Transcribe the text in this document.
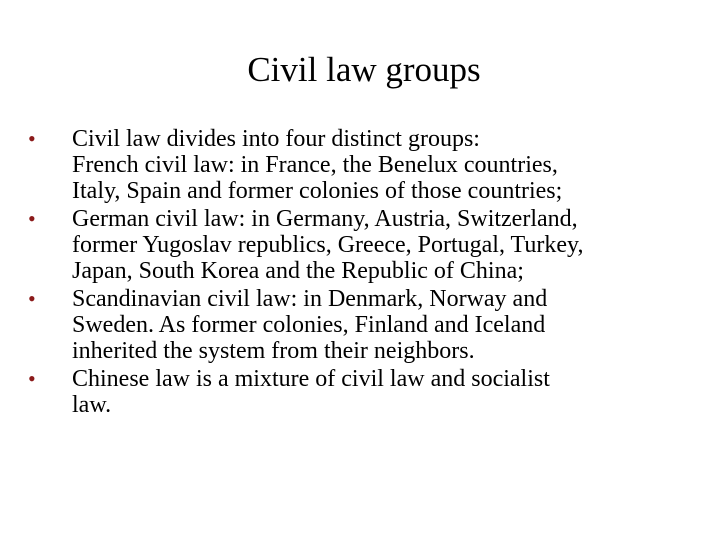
Civil law groups
•	Civil law divides into four distinct groups:
French civil law: in France, the Benelux countries,
Italy, Spain and former colonies of those countries;
•	German civil law: in Germany, Austria, Switzerland,
former Yugoslav republics, Greece, Portugal, Turkey,
Japan, South Korea and the Republic of China;
•	Scandinavian civil law: in Denmark, Norway and
Sweden. As former colonies, Finland and Iceland
inherited the system from their neighbors.
•	Chinese law is a mixture of civil law and socialist
law.
